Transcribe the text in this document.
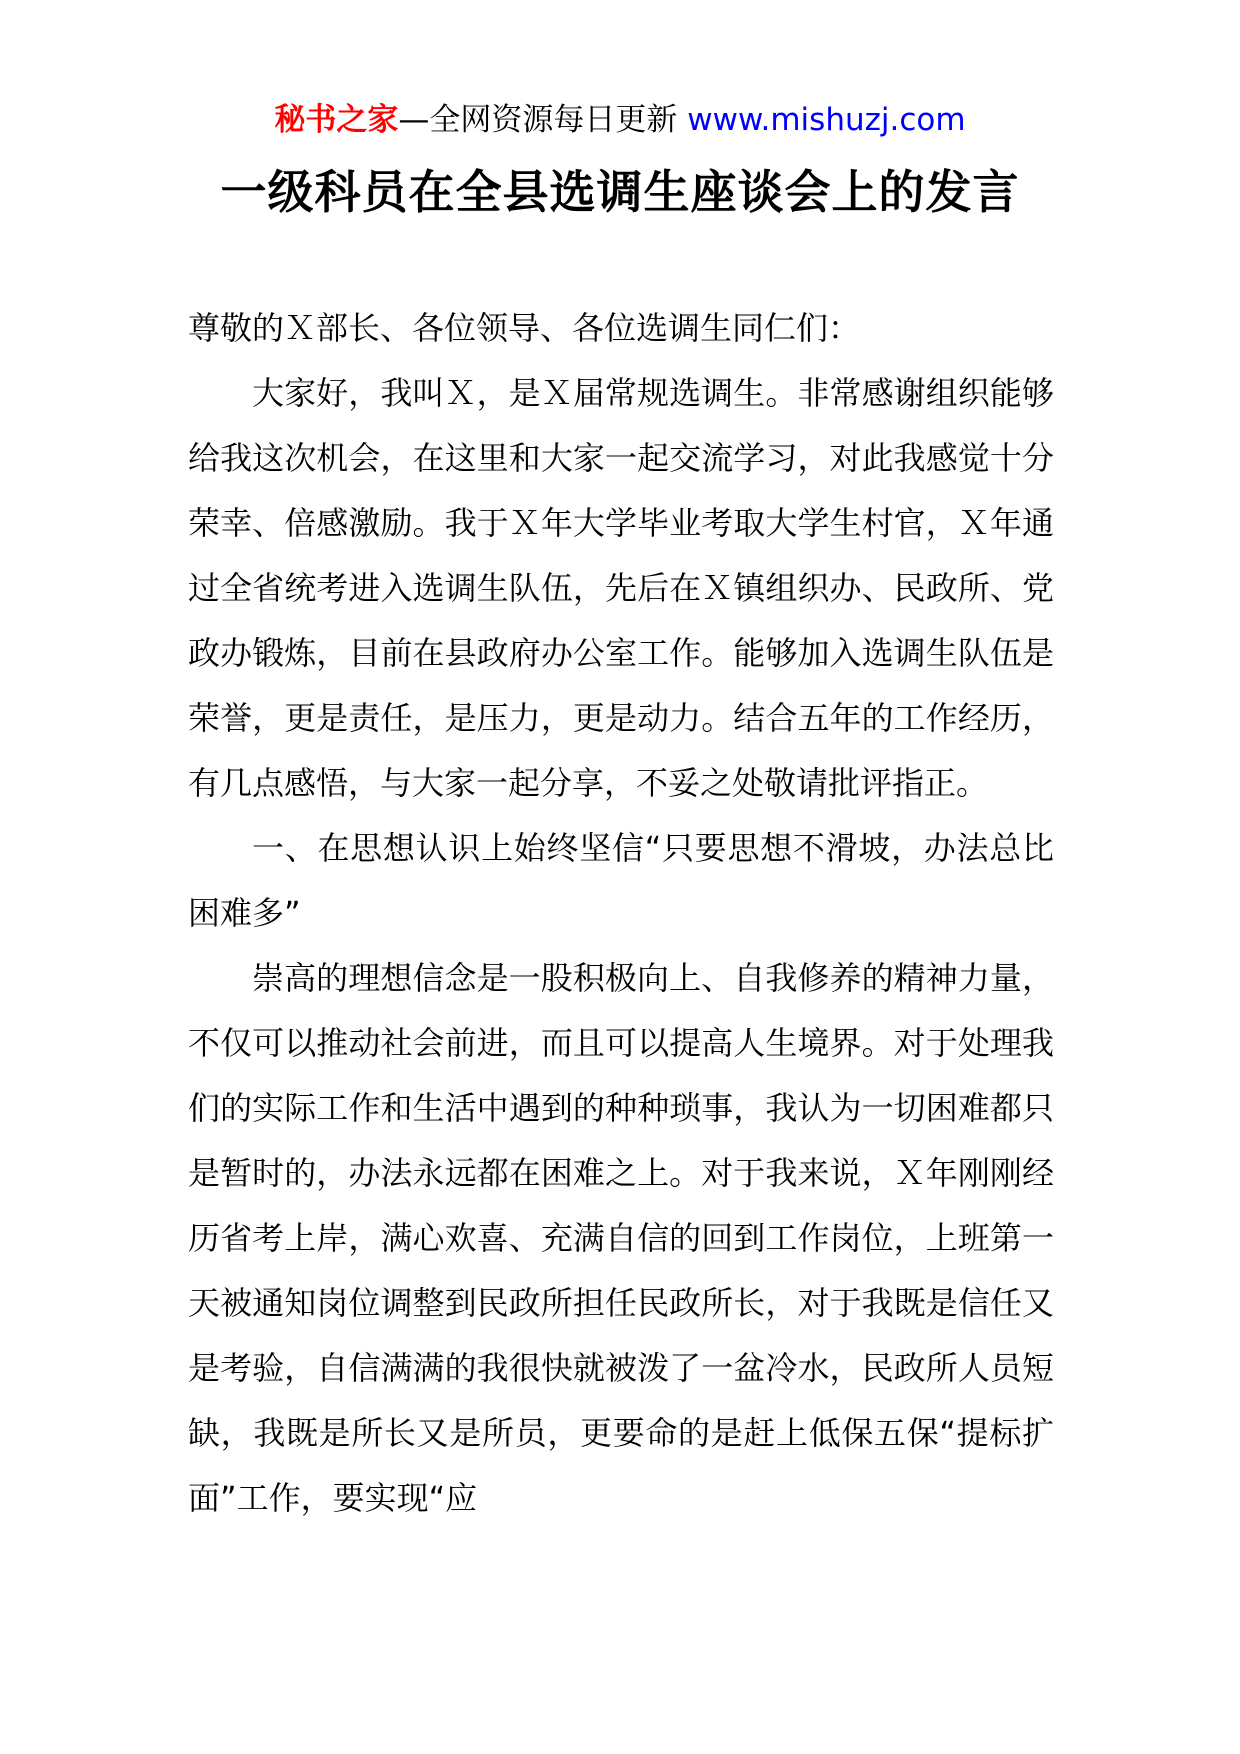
秘书之家—全网资源每日更新 www.mishuzj.com
一级科员在全县选调生座谈会上的发言

尊敬的Ｘ部长、各位领导、各位选调生同仁们：

大家好，我叫Ｘ，是Ｘ届常规选调生。非常感谢组织能够给我这次机会，在这里和大家一起交流学习，对此我感觉十分荣幸、倍感激励。我于Ｘ年大学毕业考取大学生村官，Ｘ年通过全省统考进入选调生队伍，先后在Ｘ镇组织办、民政所、党政办锻炼，目前在县政府办公室工作。能够加入选调生队伍是荣誉，更是责任，是压力，更是动力。结合五年的工作经历，有几点感悟，与大家一起分享，不妥之处敬请批评指正。

一、在思想认识上始终坚信“只要思想不滑坡，办法总比困难多”

崇高的理想信念是一股积极向上、自我修养的精神力量，不仅可以推动社会前进，而且可以提高人生境界。对于处理我们的实际工作和生活中遇到的种种琐事，我认为一切困难都只是暂时的，办法永远都在困难之上。对于我来说，Ｘ年刚刚经历省考上岸，满心欢喜、充满自信的回到工作岗位，上班第一天被通知岗位调整到民政所担任民政所长，对于我既是信任又是考验，自信满满的我很快就被泼了一盆冷水，民政所人员短缺，我既是所长又是所员，更要命的是赶上低保五保“提标扩面”工作，要实现“应
